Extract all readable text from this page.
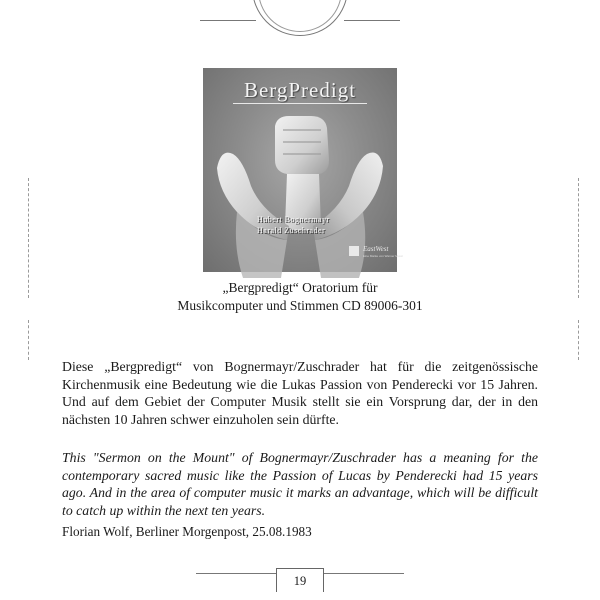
BergPredigt
Hubert Bognermayr
Harald Zuschrader
EastWest
Eine Marke von Warner Music
„Bergpredigt“ Oratorium für
Musikcomputer und Stimmen CD 89006-301
Diese „Bergpredigt“ von Bognermayr/Zuschrader hat für die zeitgenössische Kirchenmusik eine Bedeutung wie die Lukas Passion von Penderecki vor 15 Jahren. Und auf dem Gebiet der Computer Musik stellt sie ein Vorsprung dar, der in den nächsten 10 Jahren schwer einzuholen sein dürfte.
This "Sermon on the Mount" of Bognermayr/Zuschrader has a meaning for the contemporary sacred music like the Passion of Lucas by Penderecki had 15 years ago. And in the area of computer music it marks an advantage, which will be difficult to catch up within the next ten years.
Florian Wolf, Berliner Morgenpost, 25.08.1983
19
